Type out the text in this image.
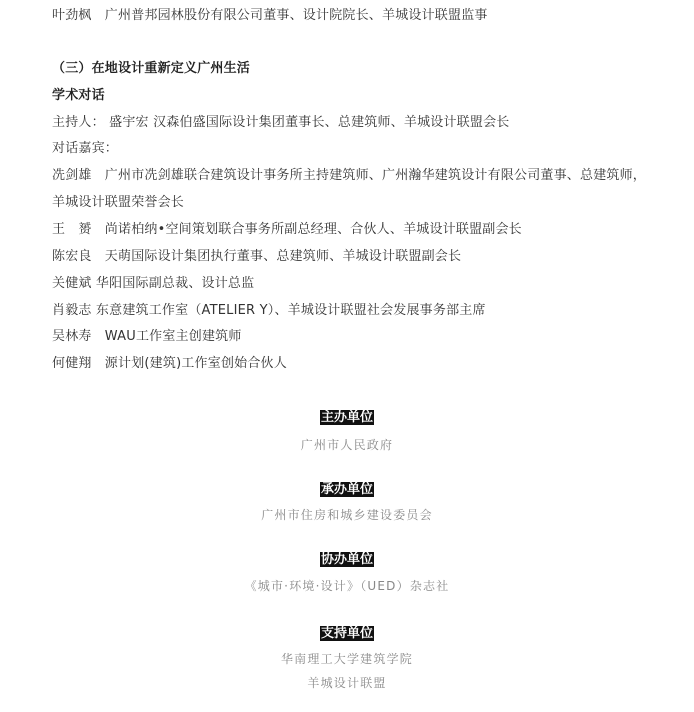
叶劲枫　广州普邦园林股份有限公司董事、设计院院长、羊城设计联盟监事
（三）在地设计重新定义广州生活
学术对话
主持人： 盛宇宏 汉森伯盛国际设计集团董事长、总建筑师、羊城设计联盟会长
对话嘉宾：
冼剑雄　广州市冼剑雄联合建筑设计事务所主持建筑师、广州瀚华建筑设计有限公司董事、总建筑师，
羊城设计联盟荣誉会长
王　赟　尚诺柏纳•空间策划联合事务所副总经理、合伙人、羊城设计联盟副会长
陈宏良　天萌国际设计集团执行董事、总建筑师、羊城设计联盟副会长
关健斌 华阳国际副总裁、设计总监
肖毅志 东意建筑工作室（ATELIER Y）、羊城设计联盟社会发展事务部主席
吴林寿　WAU工作室主创建筑师
何健翔　源计划(建筑)工作室创始合伙人
主办单位
广州市人民政府
承办单位
广州市住房和城乡建设委员会
协办单位
《城市·环境·设计》（UED）杂志社
支持单位
华南理工大学建筑学院
羊城设计联盟
